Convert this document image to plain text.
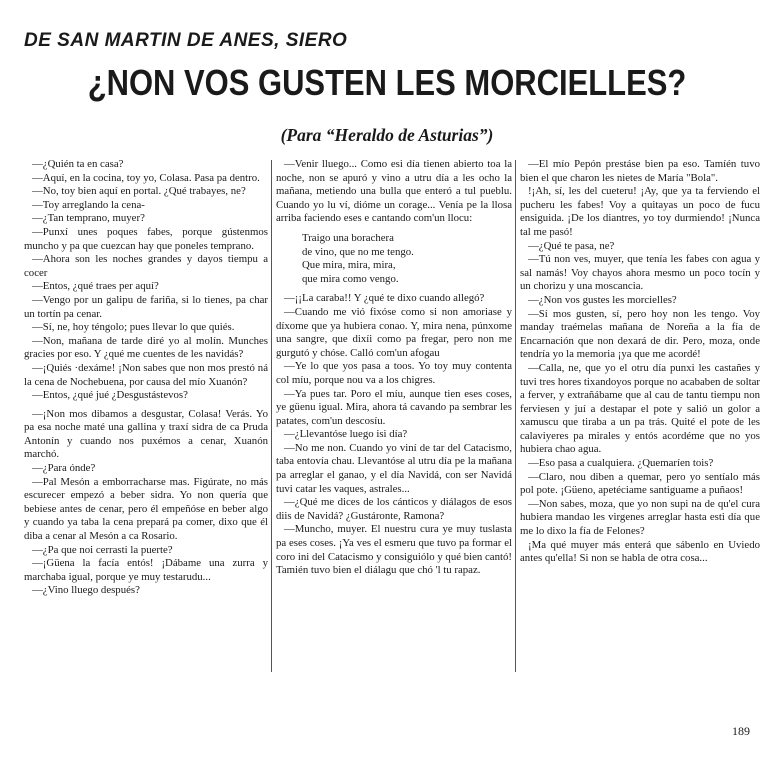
DE SAN MARTIN DE ANES, SIERO
¿NON VOS GUSTEN LES MORCIELLES?
(Para “Heraldo de Asturias”)

—¿Quién ta en casa?

—Aquí, en la cocina, toy yo, Colasa. Pasa pa dentro.

—No, toy bien aquí en portal. ¿Qué trabayes, ne?

—Toy arreglando la cena-

—¿Tan temprano, muyer?

—Punxí unes poques fabes, porque gústenmos muncho y pa que cuezcan hay que poneles temprano.

—Ahora son les noches grandes y dayos tiempu a cocer

—Entos, ¿qué traes per aquí?

—Vengo por un galipu de fariña, si lo tienes, pa char un tortín pa cenar.

—Sí, ne, hoy téngolo; pues llevar lo que quiés.

—Non, mañana de tarde diré yo al molín. Munches gracies por eso. Y ¿qué me cuentes de les navidás?

—¡Quiés ·dexáme! ¡Non sabes que non mos prestó ná la cena de Nochebuena, por causa del mío Xuanón?

—Entos, ¿qué jué ¿Desgustástevos?

—¡Non mos dibamos a desgustar, Colasa! Verás. Yo pa esa noche maté una gallina y traxí sidra de ca Pruda Antonín y cuando nos puxémos a cenar, Xuanón marchó.

—¿Para ónde?

—Pal Mesón a emborracharse mas. Figúrate, no más escurecer empezó a beber sidra. Yo non quería que bebiese antes de cenar, pero él empeñóse en beber algo y cuando ya taba la cena prepará pa comer, dixo que él diba a cenar al Mesón a ca Rosario.

—¿Pa que noi cerrasti la puerte?

—¡Güena la facía entós! ¡Dábame una zurra y marchaba igual, porque ye muy testarudu...

—¿Vino lluego después?

—Venir lluego... Como esi día tienen abierto toa la noche, non se apuró y vino a utru día a les ocho la mañana, metiendo una bulla que enteró a tul pueblu. Cuando yo lu ví, dióme un corage... Venía pe la llosa arriba faciendo eses e cantando com'un llocu:

Traigo una borachera
de vino, que no me tengo.
Que mira, mira, mira,
que mira como vengo.

—¡¡La caraba!! Y ¿qué te dixo cuando allegó?

—Cuando me vió fixóse como si non amoriase y díxome que ya hubiera conao. Y, mira nena, púnxome una sangre, que dixíi como pa fregar, pero non me gurgutó y chóse. Calló com'un afogau

—Ye lo que yos pasa a toos. Yo toy muy contenta col míu, porque nou va a los chigres.

—Ya pues tar. Poro el míu, aunque tien eses coses, ye güenu igual. Mira, ahora tá cavando pa sembrar les patates, com'un descosíu.

—¿Llevantóse luego isi día?

—No me non. Cuando yo viní de tar del Catacismo, taba entovía chau. Llevantóse al utru día pe la mañana pa arreglar el ganao, y el día Navidá, con ser Navidá tuvi catar les vaques, astrales...

—¿Qué me dices de los cánticos y diálagos de esos diis de Navidá? ¿Gustáronte, Ramona?

—Muncho, muyer. El nuestru cura ye muy tuslasta pa eses coses. ¡Ya ves el esmeru que tuvo pa formar el coro ini del Catacismo y consiguiólo y qué bien cantó! Tamién tuvo bien el diálagu que chó 'l tu rapaz.

—El mío Pepón prestáse bien pa eso. Tamíén tuvo bien el que charon les nietes de María "Bola".

!¡Ah, sí, les del cueteru! ¡Ay, que ya ta ferviendo el pucheru les fabes! Voy a quitayas un poco de fucu ensiguida. ¡De los diantres, yo toy durmiendo! ¡Nunca tal me pasó!

—¿Qué te pasa, ne?

—Tú non ves, muyer, que tenía les fabes con agua y sal namás! Voy chayos ahora mesmo un poco tocín y un chorizu y una moscancia.

—¿Non vos gustes les morcielles?

—Sí mos gusten, sí, pero hoy non les tengo. Voy manday traémelas mañana de Noreña a la fía de Encarnación que non dexará de dir. Pero, moza, onde tendría yo la memoria ¡ya que me acordé!

—Calla, ne, que yo el otru día punxi les castañes y tuvi tres hores tixandoyos porque no acababen de soltar a ferver, y extrañábame que al cau de tantu tiempu non ferviesen y juí a destapar el pote y salió un golor a xamuscu que tiraba a un pa trás. Quité el pote de les calaviyeres pa mirales y entós acordéme que no yos hubiera chao agua.

—Eso pasa a cualquiera. ¿Quemaríen tois?

—Claro, nou diben a quemar, pero yo sentíalo más pol pote. ¡Güeno, apetéciame santiguame a puñaos!

—Non sabes, moza, que yo non supi na de qu'el cura hubiera mandao les virgenes arreglar hasta esti día que me lo dixo la fía de Felones?

¡Ma qué muyer más enterá que sábenlo en Uviedo antes qu'ella! Si non se habla de otra cosa...

189
